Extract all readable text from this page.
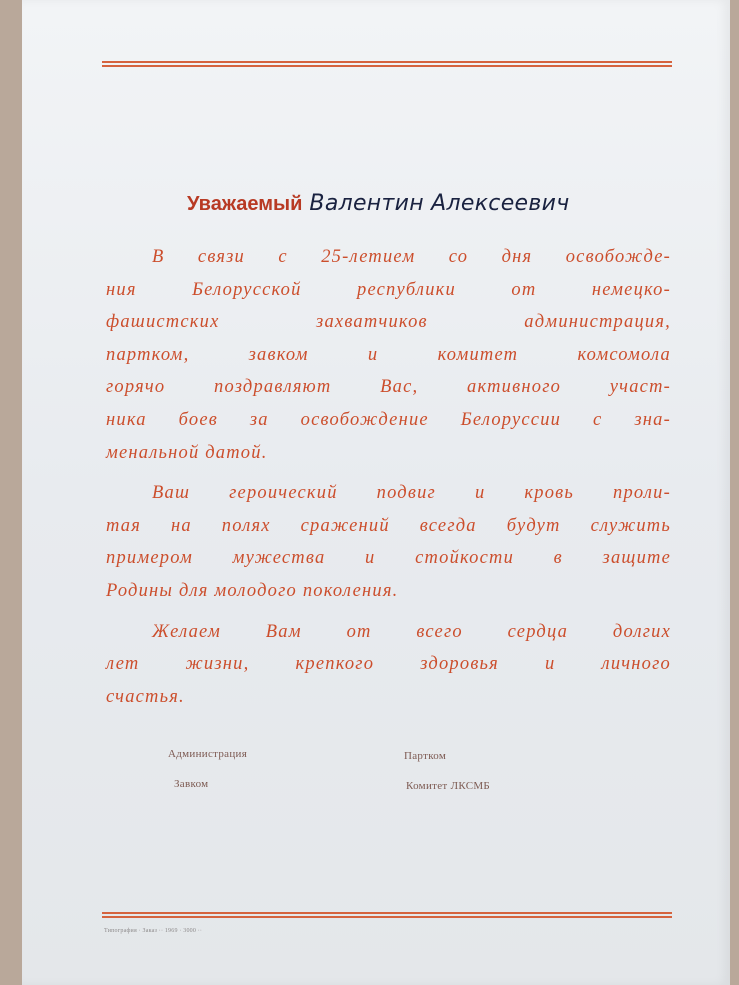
Уважаемый Валентин Алексеевич
В связи с 25-летием со дня освобожде-
ния Белорусской республики от немецко-
фашистских захватчиков администрация,
партком, завком и комитет комсомола
горячо поздравляют Вас, активного участ-
ника боев за освобождение Белоруссии с зна-
менальной датой.
Ваш героический подвиг и кровь проли-
тая на полях сражений всегда будут служить
примером мужества и стойкости в защите
Родины для молодого поколения.
Желаем Вам от всего сердца долгих
лет жизни, крепкого здоровья и личного
счастья.
Администрация
Завком
Партком
Комитет ЛКСМБ
Типография · Заказ ·· 1969 · 3000 ··
